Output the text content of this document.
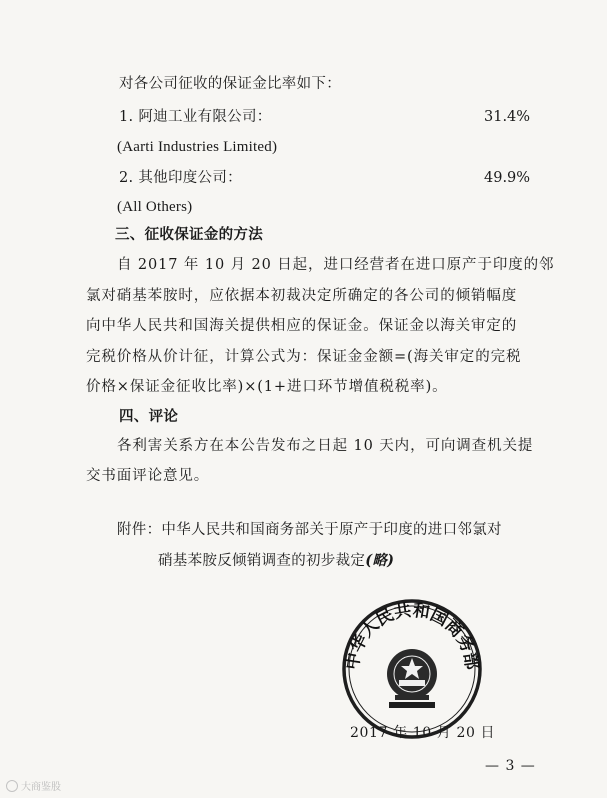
对各公司征收的保证金比率如下：
1. 阿迪工业有限公司：	31.4%
(Aarti Industries Limited)
2. 其他印度公司：	49.9%
(All Others)
三、征收保证金的方法
自 2017 年 10 月 20 日起，进口经营者在进口原产于印度的邻
氯对硝基苯胺时，应依据本初裁决定所确定的各公司的倾销幅度
向中华人民共和国海关提供相应的保证金。保证金以海关审定的
完税价格从价计征，计算公式为：保证金金额=(海关审定的完税
价格×保证金征收比率)×(1+进口环节增值税税率)。
四、评论
各利害关系方在本公告发布之日起 10 天内，可向调查机关提
交书面评论意见。
附件：中华人民共和国商务部关于原产于印度的进口邻氯对
硝基苯胺反倾销调查的初步裁定(略)
中华人民共和国商务部
2017 年 10 月 20 日
— 3 —
大商鉴股
